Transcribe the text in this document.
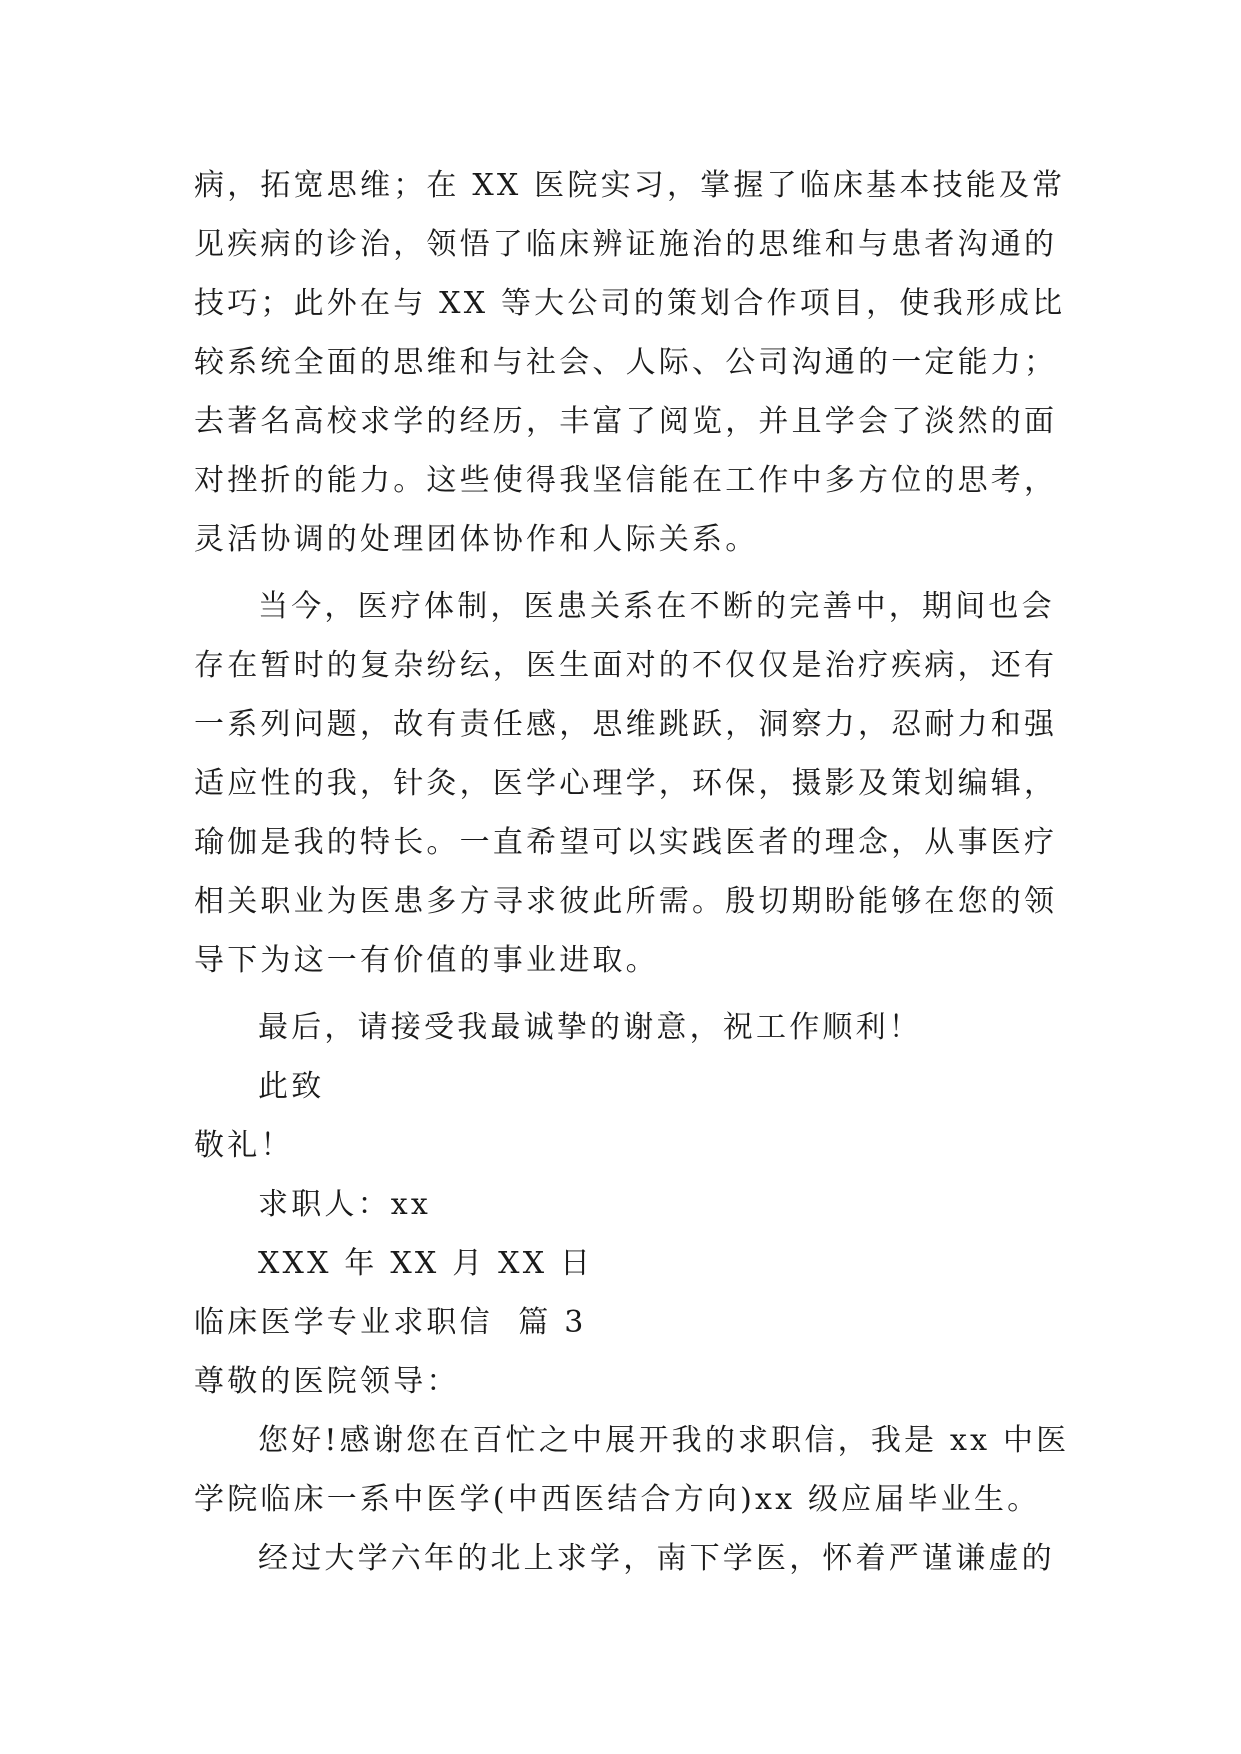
病，拓宽思维；在 XX 医院实习，掌握了临床基本技能及常
见疾病的诊治，领悟了临床辨证施治的思维和与患者沟通的
技巧；此外在与 XX 等大公司的策划合作项目，使我形成比
较系统全面的思维和与社会、人际、公司沟通的一定能力；
去著名高校求学的经历，丰富了阅览，并且学会了淡然的面
对挫折的能力。这些使得我坚信能在工作中多方位的思考，
灵活协调的处理团体协作和人际关系。
当今，医疗体制，医患关系在不断的完善中，期间也会
存在暂时的复杂纷纭，医生面对的不仅仅是治疗疾病，还有
一系列问题，故有责任感，思维跳跃，洞察力，忍耐力和强
适应性的我，针灸，医学心理学，环保，摄影及策划编辑，
瑜伽是我的特长。一直希望可以实践医者的理念，从事医疗
相关职业为医患多方寻求彼此所需。殷切期盼能够在您的领
导下为这一有价值的事业进取。
最后，请接受我最诚挚的谢意，祝工作顺利！
此致
敬礼！
求职人：xx
XXX 年 XX 月 XX 日
临床医学专业求职信  篇 3
尊敬的医院领导：
您好!感谢您在百忙之中展开我的求职信，我是 xx 中医
学院临床一系中医学(中西医结合方向)xx 级应届毕业生。
经过大学六年的北上求学，南下学医，怀着严谨谦虚的
